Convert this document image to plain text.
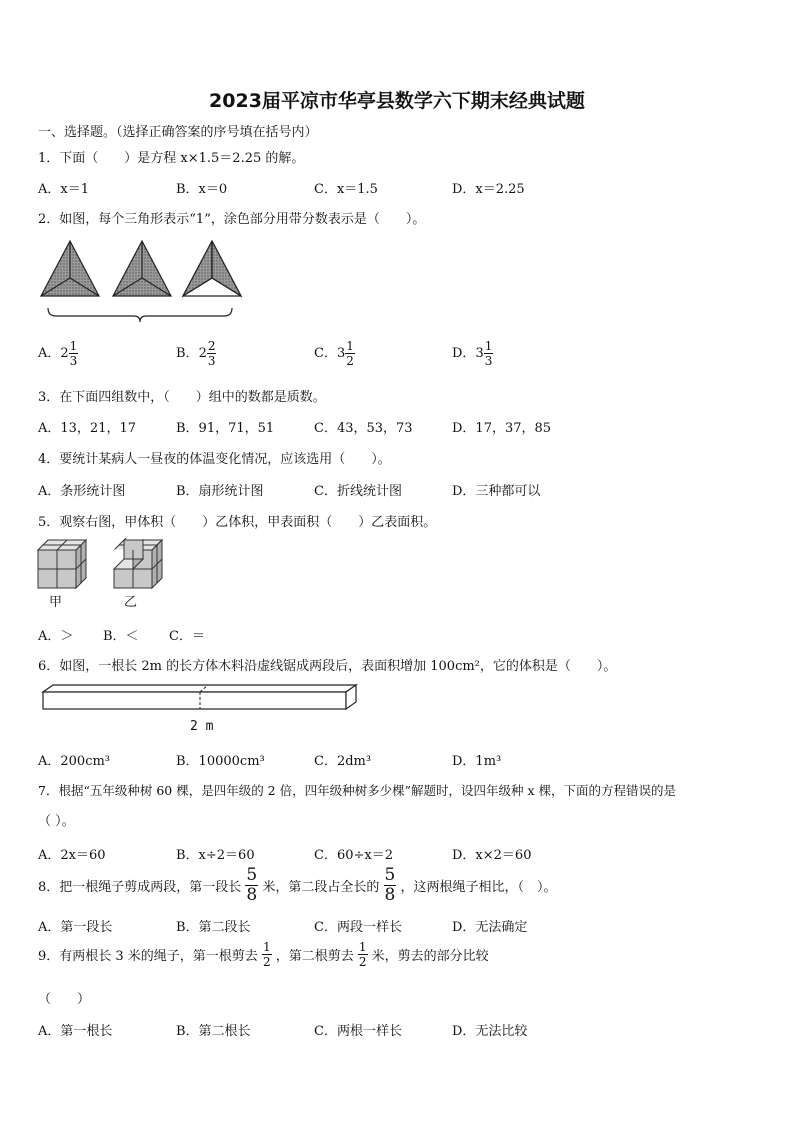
2023届平凉市华亭县数学六下期末经典试题
一、选择题。（选择正确答案的序号填在括号内）
1．下面（　　）是方程 x×1.5＝2.25 的解。
A．x＝1	B．x＝0	C．x＝1.5	D．x＝2.25
2．如图，每个三角形表示“1”，涂色部分用带分数表示是（　　）。
A．$2 \frac{1}{3}$	B．$2 \frac{2}{3}$	C．$3 \frac{1}{2}$	D．$3 \frac{1}{3}$
3．在下面四组数中，（　　）组中的数都是质数。
A．13，21，17	B．91，71，51	C．43，53，73	D．17，37，85
4．要统计某病人一昼夜的体温变化情况，应该选用（　　）。
A．条形统计图	B．扇形统计图	C．折线统计图	D．三种都可以
5．观察右图，甲体积（　　）乙体积，甲表面积（　　）乙表面积。
甲	乙
A．＞ B．＜ C．＝
6．如图，一根长 2m 的长方体木料沿虚线锯成两段后，表面积增加 100cm²，它的体积是（　　）。
2 m
A．200cm³	B．10000cm³	C．2dm³	D．1m³
7．根据“五年级种树 60 棵，是四年级的 2 倍，四年级种树多少棵”解题时，设四年级种 x 棵，下面的方程错误的是
（ ）。
A．2x＝60	B．x÷2＝60	C．60÷x＝2	D．x×2＝60
8．把一根绳子剪成两段，第一段长 $\frac{5}{8}$ 米，第二段占全长的 $\frac{5}{8}$ ，这两根绳子相比，（　）。
A．第一段长	B．第二段长	C．两段一样长	D．无法确定
9．有两根长 3 米的绳子，第一根剪去 $\frac{1}{2}$ ，第二根剪去 $\frac{1}{2}$ 米，剪去的部分比较
（　　）
A．第一根长	B．第二根长	C．两根一样长	D．无法比较
